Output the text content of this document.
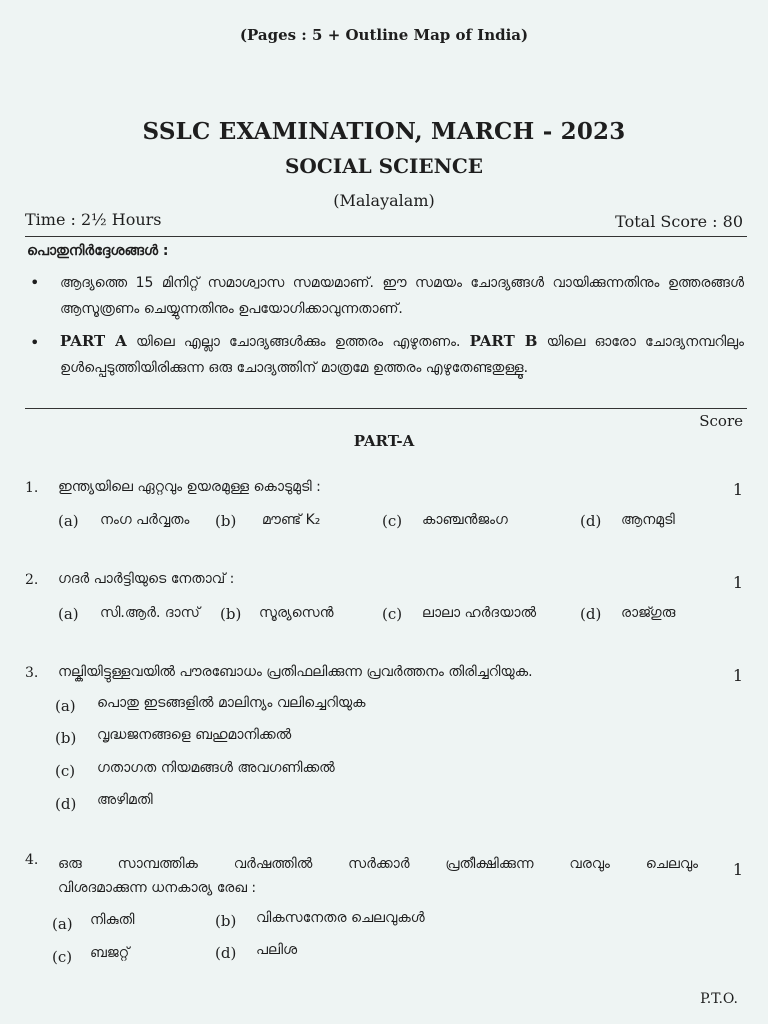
(Pages : 5 + Outline Map of India)
SSLC EXAMINATION, MARCH - 2023
SOCIAL SCIENCE
(Malayalam)
Time : 2½ Hours	Total Score : 80
പൊതുനിർദ്ദേശങ്ങൾ :
• ആദ്യത്തെ 15 മിനിറ്റ് സമാശ്വാസ സമയമാണ്. ഈ സമയം ചോദ്യങ്ങൾ വായിക്കുന്നതിനും ഉത്തരങ്ങൾ ആസൂത്രണം ചെയ്യുന്നതിനും ഉപയോഗിക്കാവുന്നതാണ്.
• PART A യിലെ എല്ലാ ചോദ്യങ്ങൾക്കും ഉത്തരം എഴുതണം. PART B യിലെ ഓരോ ചോദ്യനമ്പറിലും ഉൾപ്പെടുത്തിയിരിക്കുന്ന ഒരു ചോദ്യത്തിന് മാത്രമേ ഉത്തരം എഴുതേണ്ടതുള്ളൂ.
Score
PART-A
1. ഇന്ത്യയിലെ ഏറ്റവും ഉയരമുള്ള കൊടുമുടി :	1
(a) നംഗ പർവ്വതം (b) മൗണ്ട് K₂	(c) കാഞ്ചൻജംഗ	(d) ആനമുടി
2. ഗദർ പാർട്ടിയുടെ നേതാവ് :	1
(a) സി.ആർ. ദാസ് (b) സൂര്യസെൻ	(c) ലാലാ ഹർദയാൽ	(d) രാജ്ഗുരു
3. നല്കിയിട്ടുള്ളവയിൽ പൗരബോധം പ്രതിഫലിക്കുന്ന പ്രവർത്തനം തിരിച്ചറിയുക.	1
(a) പൊതു ഇടങ്ങളിൽ മാലിന്യം വലിച്ചെറിയുക
(b) വൃദ്ധജനങ്ങളെ ബഹുമാനിക്കൽ
(c) ഗതാഗത നിയമങ്ങൾ അവഗണിക്കൽ
(d) അഴിമതി
4. ഒരു സാമ്പത്തിക വർഷത്തിൽ സർക്കാർ പ്രതീക്ഷിക്കുന്ന വരവും ചെലവും
വിശദമാക്കുന്ന ധനകാര്യ രേഖ :
1
(a) നികുതി	(b) വികസനേതര ചെലവുകൾ
(c) ബജറ്റ്	(d) പലിശ
P.T.O.
